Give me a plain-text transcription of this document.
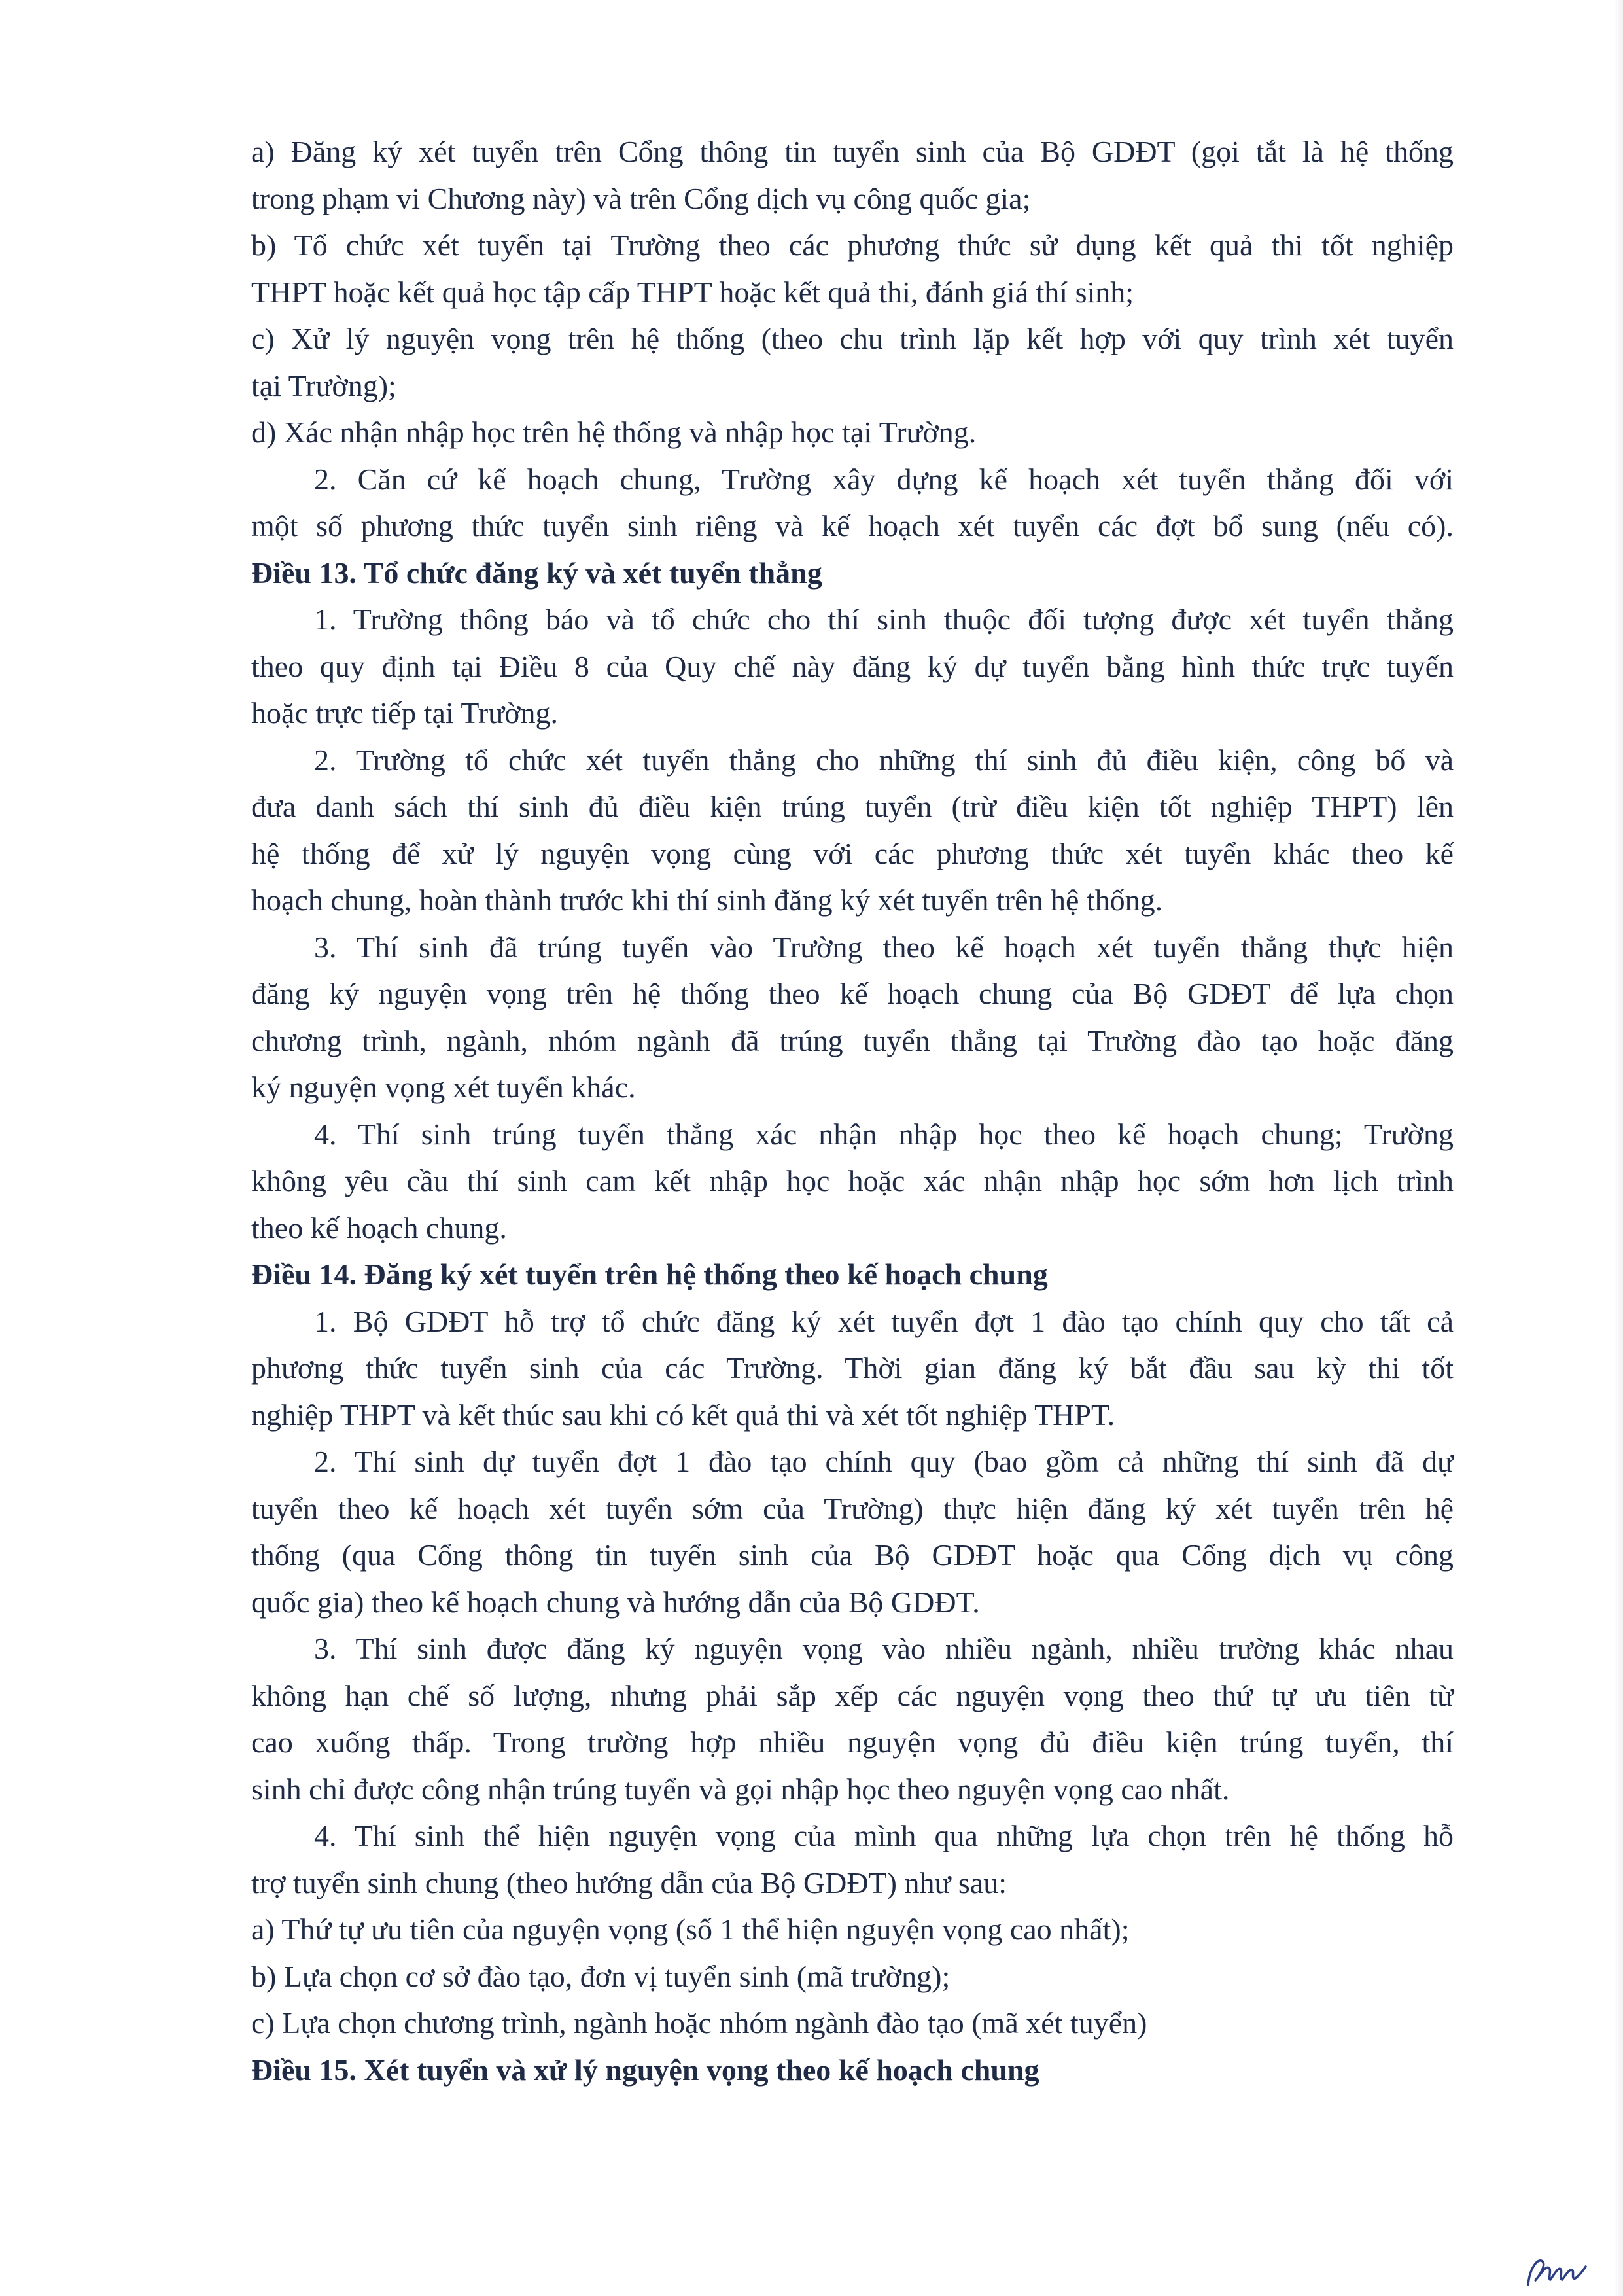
a) Đăng ký xét tuyển trên Cổng thông tin tuyển sinh của Bộ GDĐT (gọi tắt là hệ thống

trong phạm vi Chương này) và trên Cổng dịch vụ công quốc gia;

b) Tổ chức xét tuyển tại Trường theo các phương thức sử dụng kết quả thi tốt nghiệp

THPT hoặc kết quả học tập cấp THPT hoặc kết quả thi, đánh giá thí sinh;

c) Xử lý nguyện vọng trên hệ thống (theo chu trình lặp kết hợp với quy trình xét tuyển

tại Trường);

d) Xác nhận nhập học trên hệ thống và nhập học tại Trường.

2. Căn cứ kế hoạch chung, Trường xây dựng kế hoạch xét tuyển thẳng đối với

một số phương thức tuyển sinh riêng và kế hoạch xét tuyển các đợt bổ sung (nếu có).

Điều 13. Tổ chức đăng ký và xét tuyển thẳng

1. Trường thông báo và tổ chức cho thí sinh thuộc đối tượng được xét tuyển thẳng

theo quy định tại Điều 8 của Quy chế này đăng ký dự tuyển bằng hình thức trực tuyến

hoặc trực tiếp tại Trường.

2. Trường tổ chức xét tuyển thẳng cho những thí sinh đủ điều kiện, công bố và

đưa danh sách thí sinh đủ điều kiện trúng tuyển (trừ điều kiện tốt nghiệp THPT) lên

hệ thống để xử lý nguyện vọng cùng với các phương thức xét tuyển khác theo kế

hoạch chung, hoàn thành trước khi thí sinh đăng ký xét tuyển trên hệ thống.

3. Thí sinh đã trúng tuyển vào Trường theo kế hoạch xét tuyển thẳng thực hiện

đăng ký nguyện vọng trên hệ thống theo kế hoạch chung của Bộ GDĐT để lựa chọn

chương trình, ngành, nhóm ngành đã trúng tuyển thẳng tại Trường đào tạo hoặc đăng

ký nguyện vọng xét tuyển khác.

4. Thí sinh trúng tuyển thẳng xác nhận nhập học theo kế hoạch chung; Trường

không yêu cầu thí sinh cam kết nhập học hoặc xác nhận nhập học sớm hơn lịch trình

theo kế hoạch chung.

Điều 14. Đăng ký xét tuyển trên hệ thống theo kế hoạch chung

1. Bộ GDĐT hỗ trợ tổ chức đăng ký xét tuyển đợt 1 đào tạo chính quy cho tất cả

phương thức tuyển sinh của các Trường. Thời gian đăng ký bắt đầu sau kỳ thi tốt

nghiệp THPT và kết thúc sau khi có kết quả thi và xét tốt nghiệp THPT.

2. Thí sinh dự tuyển đợt 1 đào tạo chính quy (bao gồm cả những thí sinh đã dự

tuyển theo kế hoạch xét tuyển sớm của Trường) thực hiện đăng ký xét tuyển trên hệ

thống (qua Cổng thông tin tuyển sinh của Bộ GDĐT hoặc qua Cổng dịch vụ công

quốc gia) theo kế hoạch chung và hướng dẫn của Bộ GDĐT.

3. Thí sinh được đăng ký nguyện vọng vào nhiều ngành, nhiều trường khác nhau

không hạn chế số lượng, nhưng phải sắp xếp các nguyện vọng theo thứ tự ưu tiên từ

cao xuống thấp. Trong trường hợp nhiều nguyện vọng đủ điều kiện trúng tuyển, thí

sinh chỉ được công nhận trúng tuyển và gọi nhập học theo nguyện vọng cao nhất.

4. Thí sinh thể hiện nguyện vọng của mình qua những lựa chọn trên hệ thống hỗ

trợ tuyển sinh chung (theo hướng dẫn của Bộ GDĐT) như sau:

a) Thứ tự ưu tiên của nguyện vọng (số 1 thể hiện nguyện vọng cao nhất);

b) Lựa chọn cơ sở đào tạo, đơn vị tuyển sinh (mã trường);

c) Lựa chọn chương trình, ngành hoặc nhóm ngành đào tạo (mã xét tuyển)

Điều 15. Xét tuyển và xử lý nguyện vọng theo kế hoạch chung
